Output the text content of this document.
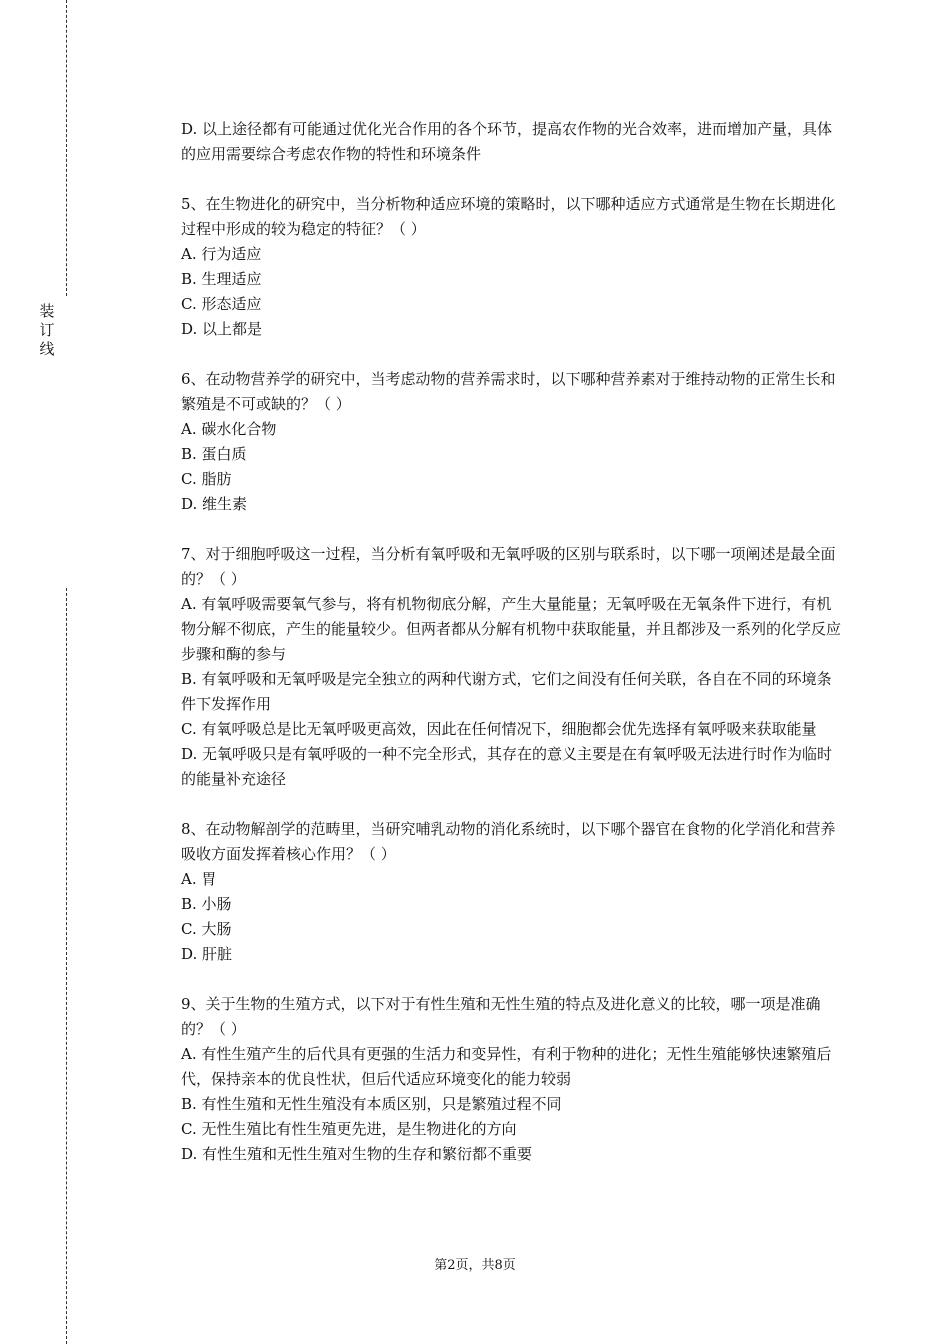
装
订
线

D. 以上途径都有可能通过优化光合作用的各个环节，提高农作物的光合效率，进而增加产量，具体的应用需要综合考虑农作物的特性和环境条件

5、在生物进化的研究中，当分析物种适应环境的策略时，以下哪种适应方式通常是生物在长期进化过程中形成的较为稳定的特征？（ ）

A. 行为适应

B. 生理适应

C. 形态适应

D. 以上都是

6、在动物营养学的研究中，当考虑动物的营养需求时，以下哪种营养素对于维持动物的正常生长和繁殖是不可或缺的？（ ）

A. 碳水化合物

B. 蛋白质

C. 脂肪

D. 维生素

7、对于细胞呼吸这一过程，当分析有氧呼吸和无氧呼吸的区别与联系时，以下哪一项阐述是最全面的？（ ）

A. 有氧呼吸需要氧气参与，将有机物彻底分解，产生大量能量；无氧呼吸在无氧条件下进行，有机物分解不彻底，产生的能量较少。但两者都从分解有机物中获取能量，并且都涉及一系列的化学反应步骤和酶的参与

B. 有氧呼吸和无氧呼吸是完全独立的两种代谢方式，它们之间没有任何关联，各自在不同的环境条件下发挥作用

C. 有氧呼吸总是比无氧呼吸更高效，因此在任何情况下，细胞都会优先选择有氧呼吸来获取能量

D. 无氧呼吸只是有氧呼吸的一种不完全形式，其存在的意义主要是在有氧呼吸无法进行时作为临时的能量补充途径

8、在动物解剖学的范畴里，当研究哺乳动物的消化系统时，以下哪个器官在食物的化学消化和营养吸收方面发挥着核心作用？（ ）

A. 胃

B. 小肠

C. 大肠

D. 肝脏

9、关于生物的生殖方式，以下对于有性生殖和无性生殖的特点及进化意义的比较，哪一项是准确的？（ ）

A. 有性生殖产生的后代具有更强的生活力和变异性，有利于物种的进化；无性生殖能够快速繁殖后代，保持亲本的优良性状，但后代适应环境变化的能力较弱

B. 有性生殖和无性生殖没有本质区别，只是繁殖过程不同

C. 无性生殖比有性生殖更先进，是生物进化的方向

D. 有性生殖和无性生殖对生物的生存和繁衍都不重要

第2页，共8页
